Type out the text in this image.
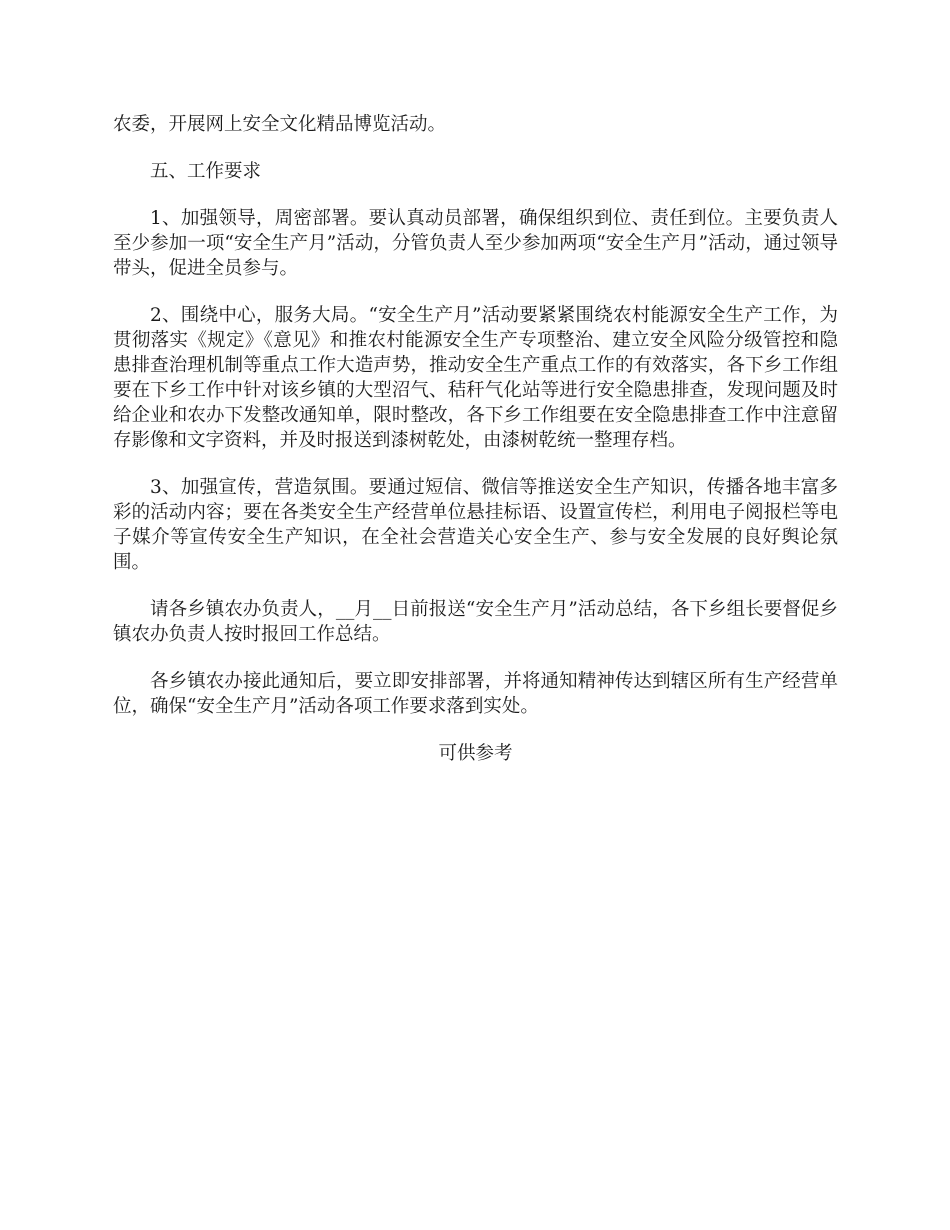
农委，开展网上安全文化精品博览活动。

五、工作要求

1、加强领导，周密部署。要认真动员部署，确保组织到位、责任到位。主要负责人至少参加一项“安全生产月”活动，分管负责人至少参加两项“安全生产月”活动，通过领导带头，促进全员参与。

2、围绕中心，服务大局。“安全生产月”活动要紧紧围绕农村能源安全生产工作，为贯彻落实《规定》《意见》和推农村能源安全生产专项整治、建立安全风险分级管控和隐患排查治理机制等重点工作大造声势，推动安全生产重点工作的有效落实，各下乡工作组要在下乡工作中针对该乡镇的大型沼气、秸秆气化站等进行安全隐患排查，发现问题及时给企业和农办下发整改通知单，限时整改，各下乡工作组要在安全隐患排查工作中注意留存影像和文字资料，并及时报送到漆树乾处，由漆树乾统一整理存档。

3、加强宣传，营造氛围。要通过短信、微信等推送安全生产知识，传播各地丰富多彩的活动内容；要在各类安全生产经营单位悬挂标语、设置宣传栏，利用电子阅报栏等电子媒介等宣传安全生产知识，在全社会营造关心安全生产、参与安全发展的良好舆论氛围。

请各乡镇农办负责人，__月__日前报送“安全生产月”活动总结，各下乡组长要督促乡镇农办负责人按时报回工作总结。

各乡镇农办接此通知后，要立即安排部署，并将通知精神传达到辖区所有生产经营单位，确保“安全生产月”活动各项工作要求落到实处。

可供参考
